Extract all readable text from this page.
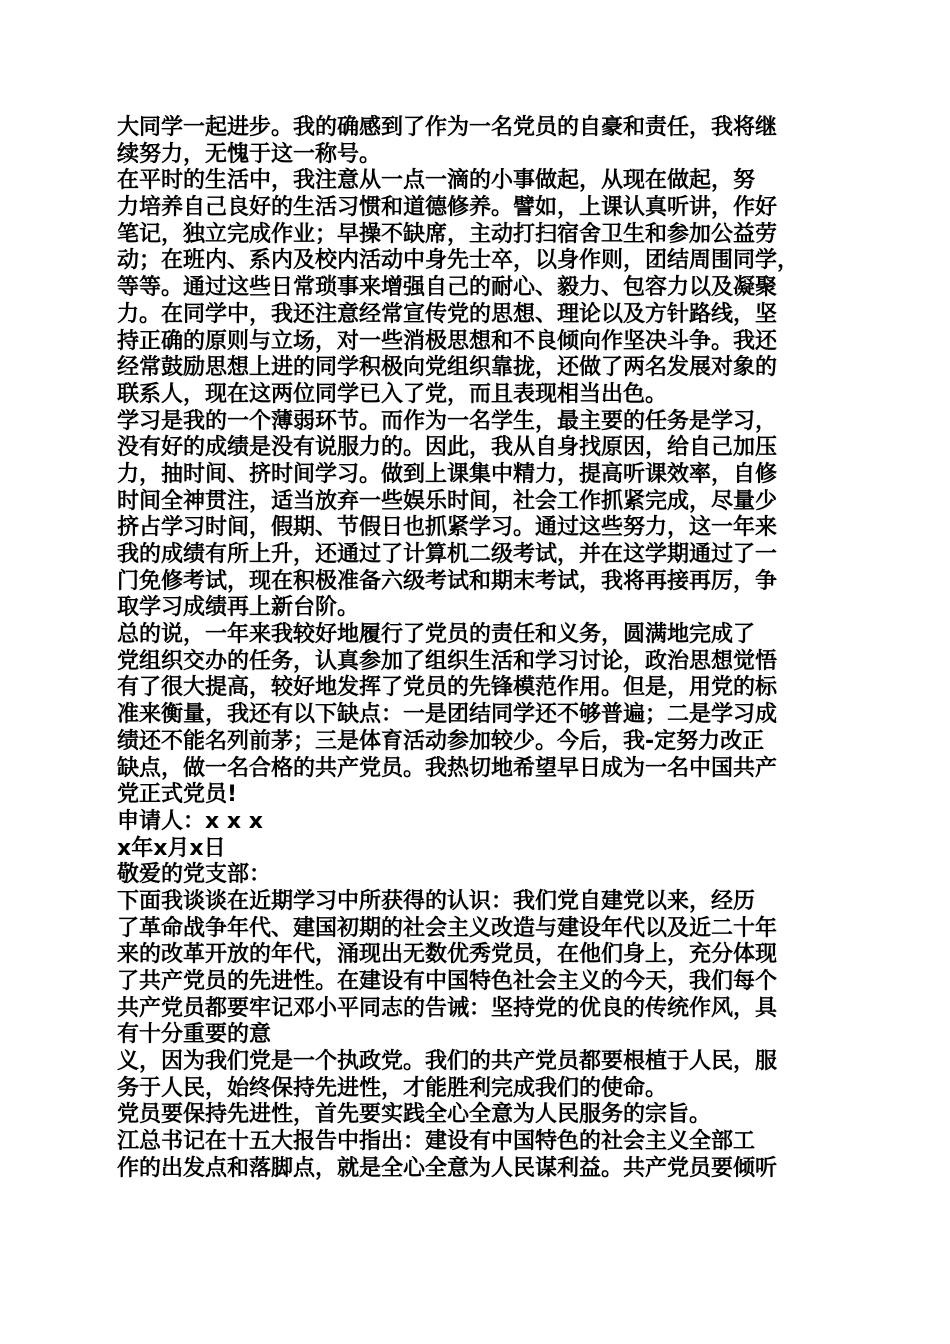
大同学一起进步。我的确感到了作为一名党员的自豪和责任，我将继
续努力，无愧于这一称号。
在平时的生活中，我注意从一点一滴的小事做起，从现在做起，努
力培养自己良好的生活习惯和道德修养。譬如，上课认真听讲，作好
笔记，独立完成作业；早操不缺席，主动打扫宿舍卫生和参加公益劳
动；在班内、系内及校内活动中身先士卒，以身作则，团结周围同学，
等等。通过这些日常琐事来增强自己的耐心、毅力、包容力以及凝聚
力。在同学中，我还注意经常宣传党的思想、理论以及方针路线，坚
持正确的原则与立场，对一些消极思想和不良倾向作坚决斗争。我还
经常鼓励思想上进的同学积极向党组织靠拢，还做了两名发展对象的
联系人，现在这两位同学已入了党，而且表现相当出色。
学习是我的一个薄弱环节。而作为一名学生，最主要的任务是学习，
没有好的成绩是没有说服力的。因此，我从自身找原因，给自己加压
力，抽时间、挤时间学习。做到上课集中精力，提高听课效率，自修
时间全神贯注，适当放弃一些娱乐时间，社会工作抓紧完成，尽量少
挤占学习时间，假期、节假日也抓紧学习。通过这些努力，这一年来
我的成绩有所上升，还通过了计算机二级考试，并在这学期通过了一
门免修考试，现在积极准备六级考试和期末考试，我将再接再厉，争
取学习成绩再上新台阶。
总的说，一年来我较好地履行了党员的责任和义务，圆满地完成了
党组织交办的任务，认真参加了组织生活和学习讨论，政治思想觉悟
有了很大提高，较好地发挥了党员的先锋模范作用。但是，用党的标
准来衡量，我还有以下缺点：一是团结同学还不够普遍；二是学习成
绩还不能名列前茅；三是体育活动参加较少。今后，我-定努力改正
缺点，做一名合格的共产党员。我热切地希望早日成为一名中国共产
党正式党员!
申请人：x x x
x年x月x日
敬爱的党支部：
下面我谈谈在近期学习中所获得的认识：我们党自建党以来，经历
了革命战争年代、建国初期的社会主义改造与建设年代以及近二十年
来的改革开放的年代，涌现出无数优秀党员，在他们身上，充分体现
了共产党员的先进性。在建设有中国特色社会主义的今天，我们每个
共产党员都要牢记邓小平同志的告诫：坚持党的优良的传统作风，具
有十分重要的意
义，因为我们党是一个执政党。我们的共产党员都要根植于人民，服
务于人民，始终保持先进性，才能胜利完成我们的使命。
党员要保持先进性，首先要实践全心全意为人民服务的宗旨。
江总书记在十五大报告中指出：建设有中国特色的社会主义全部工
作的出发点和落脚点，就是全心全意为人民谋利益。共产党员要倾听
